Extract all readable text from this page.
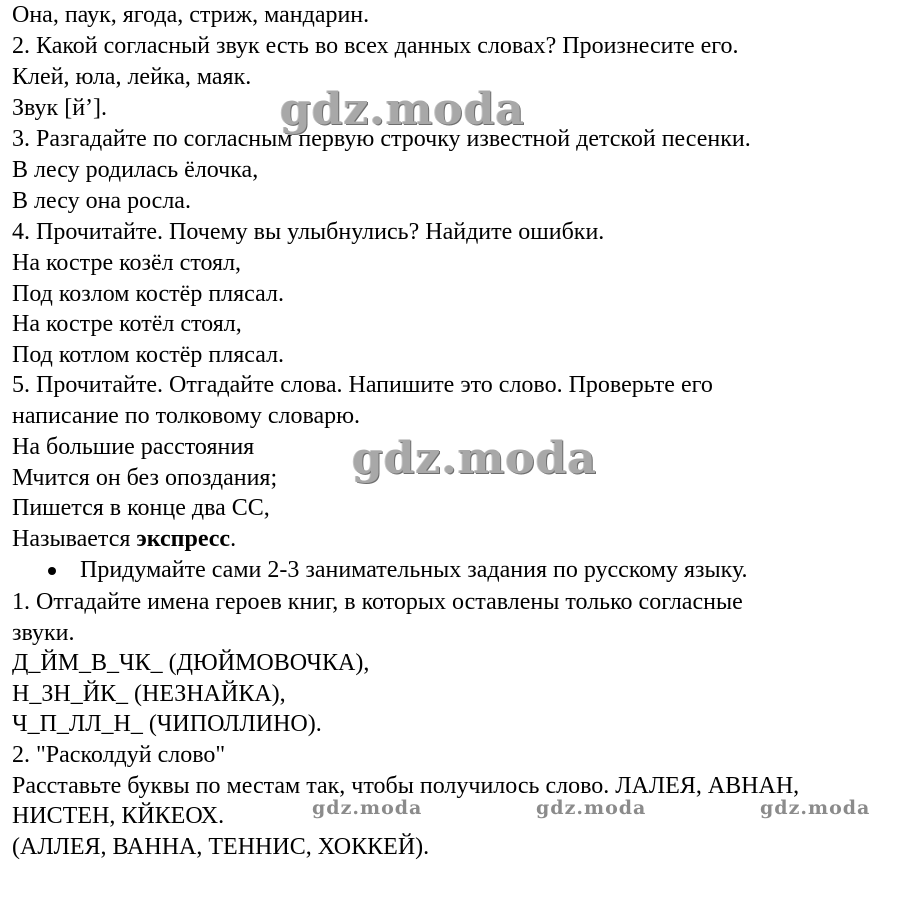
Она, паук, ягода, стриж, мандарин.
2. Какой согласный звук есть во всех данных словах? Произнесите его.
Клей, юла, лейка, маяк.
Звук [й’].
3. Разгадайте по согласным первую строчку известной детской песенки.
В лесу родилась ёлочка,
В лесу она росла.
4. Прочитайте. Почему вы улыбнулись? Найдите ошибки.
На костре козёл стоял,
Под козлом костёр плясал.
На костре котёл стоял,
Под котлом костёр плясал.
5. Прочитайте. Отгадайте слова. Напишите это слово. Проверьте его
написание по толковому словарю.
На большие расстояния
Мчится он без опоздания;
Пишется в конце два СС,
Называется экспресс.
Придумайте сами 2-3 занимательных задания по русскому языку.
1. Отгадайте имена героев книг, в которых оставлены только согласные
звуки.
Д_ЙМ_В_ЧК_ (ДЮЙМОВОЧКА),
Н_ЗН_ЙК_ (НЕЗНАЙКА),
Ч_П_ЛЛ_Н_ (ЧИПОЛЛИНО).
2. "Расколдуй слово"
Расставьте буквы по местам так, чтобы получилось слово. ЛАЛЕЯ, АВНАН,
НИСТЕН, КЙКЕОХ.
(АЛЛЕЯ, ВАННА, ТЕННИС, ХОККЕЙ).
gdz.moda
gdz.moda
gdz.moda	gdz.moda	gdz.moda
